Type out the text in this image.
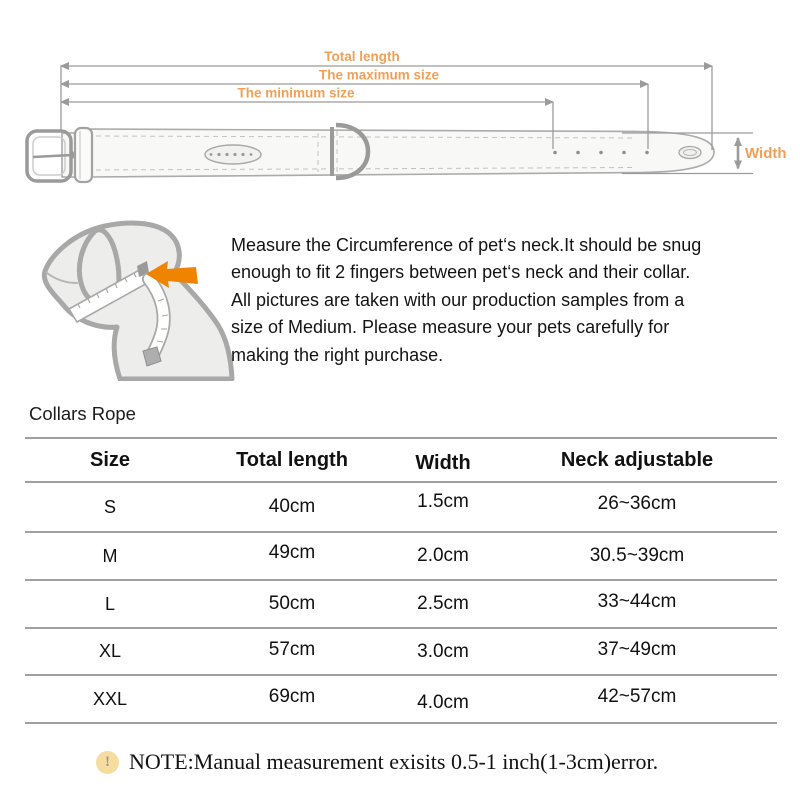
Total length
The maximum size
The minimum size
Width
Measure the Circumference of pet‘s neck.It should be snug
enough to fit 2 fingers between pet‘s neck and their collar.
All pictures are taken with our production samples from a
size of Medium. Please measure your pets carefully for
making the right purchase.
Collars Rope
Size	Total length	Width	Neck adjustable
S	40cm	1.5cm	26~36cm
M	49cm	2.0cm	30.5~39cm
L	50cm	2.5cm	33~44cm
XL	57cm	3.0cm	37~49cm
XXL	69cm	4.0cm	42~57cm
! NOTE:Manual measurement exisits 0.5-1 inch(1-3cm)error.
